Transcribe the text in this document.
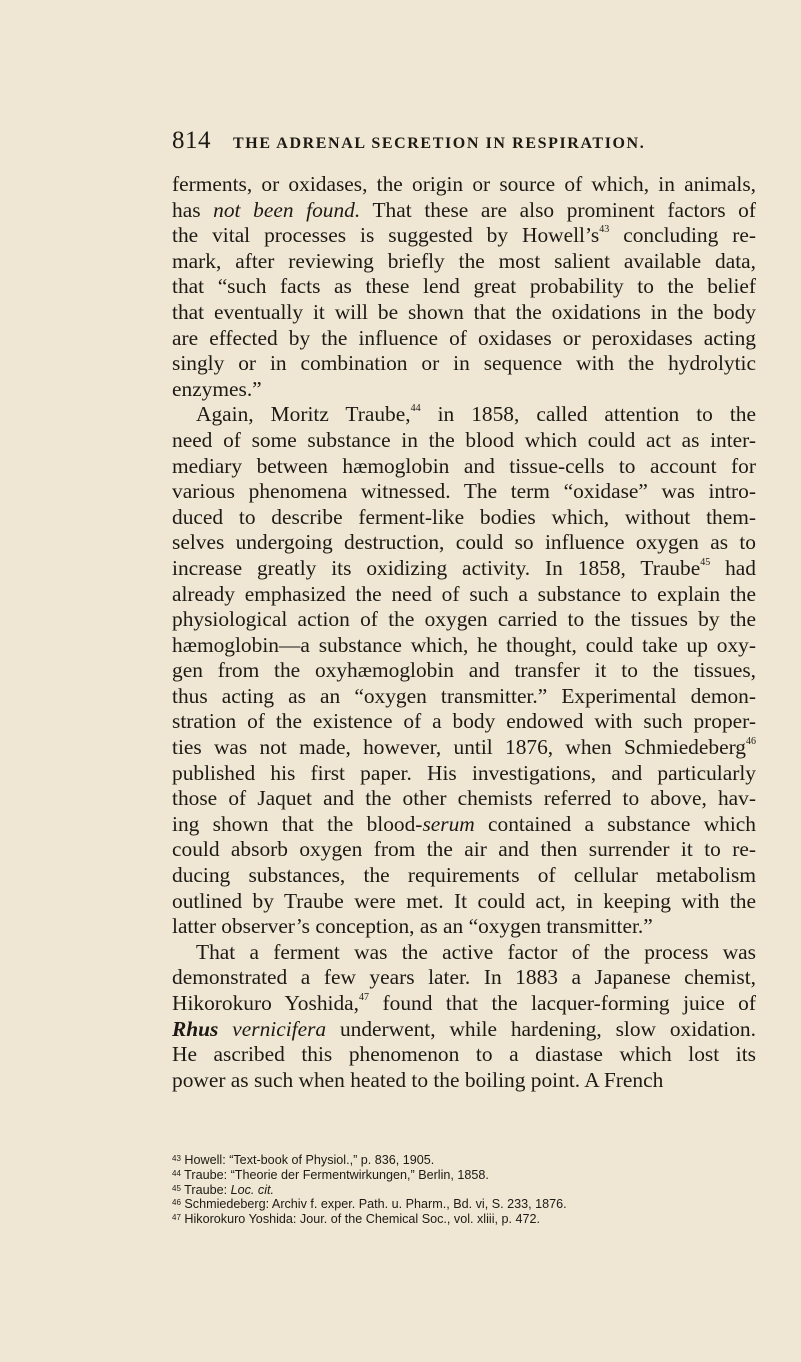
814 THE ADRENAL SECRETION IN RESPIRATION.

ferments, or oxidases, the origin or source of which, in animals,
has not been found. That these are also prominent factors of
the vital processes is suggested by $Howell’s^{43}$ concluding re-
mark, after reviewing briefly the most salient available data,
that “such facts as these lend great probability to the belief
that eventually it will be shown that the oxidations in the body
are effected by the influence of oxidases or peroxidases acting
singly or in combination or in sequence with the hydrolytic
enzymes.”

Again, Moritz Traube,$^{44}$ in 1858, called attention to the
need of some substance in the blood which could act as inter-
mediary between hæmoglobin and tissue-cells to account for
various phenomena witnessed. The term “oxidase” was intro-
duced to describe ferment-like bodies which, without them-
selves undergoing destruction, could so influence oxygen as to
increase greatly its oxidizing activity. In 1858, Traube$^{45}$ had
already emphasized the need of such a substance to explain the
physiological action of the oxygen carried to the tissues by the
hæmoglobin—a substance which, he thought, could take up oxy-
gen from the oxyhæmoglobin and transfer it to the tissues,
thus acting as an “oxygen transmitter.” Experimental demon-
stration of the existence of a body endowed with such proper-
ties was not made, however, until 1876, when Schmiedeberg$^{46}$
published his first paper. His investigations, and particularly
those of Jaquet and the other chemists referred to above, hav-
ing shown that the blood-serum contained a substance which
could absorb oxygen from the air and then surrender it to re-
ducing substances, the requirements of cellular metabolism
outlined by Traube were met. It could act, in keeping with the
latter observer’s conception, as an “oxygen transmitter.”

That a ferment was the active factor of the process was
demonstrated a few years later. In 1883 a Japanese chemist,
Hikorokuro Yoshida,$^{47}$ found that the lacquer-forming juice of
Rhus vernicifera underwent, while hardening, slow oxidation.
He ascribed this phenomenon to a diastase which lost its
power as such when heated to the boiling point. A French

$^{43}$ Howell: “Text-book of Physiol.,” p. 836, 1905.
$^{44}$ Traube: “Theorie der Fermentwirkungen,” Berlin, 1858.
$^{45}$ Traube: Loc. cit.
$^{46}$ Schmiedeberg: Archiv f. exper. Path. u. Pharm., Bd. vi, S. 233, 1876.
$^{47}$ Hikorokuro Yoshida: Jour. of the Chemical Soc., vol. xliii, p. 472.
